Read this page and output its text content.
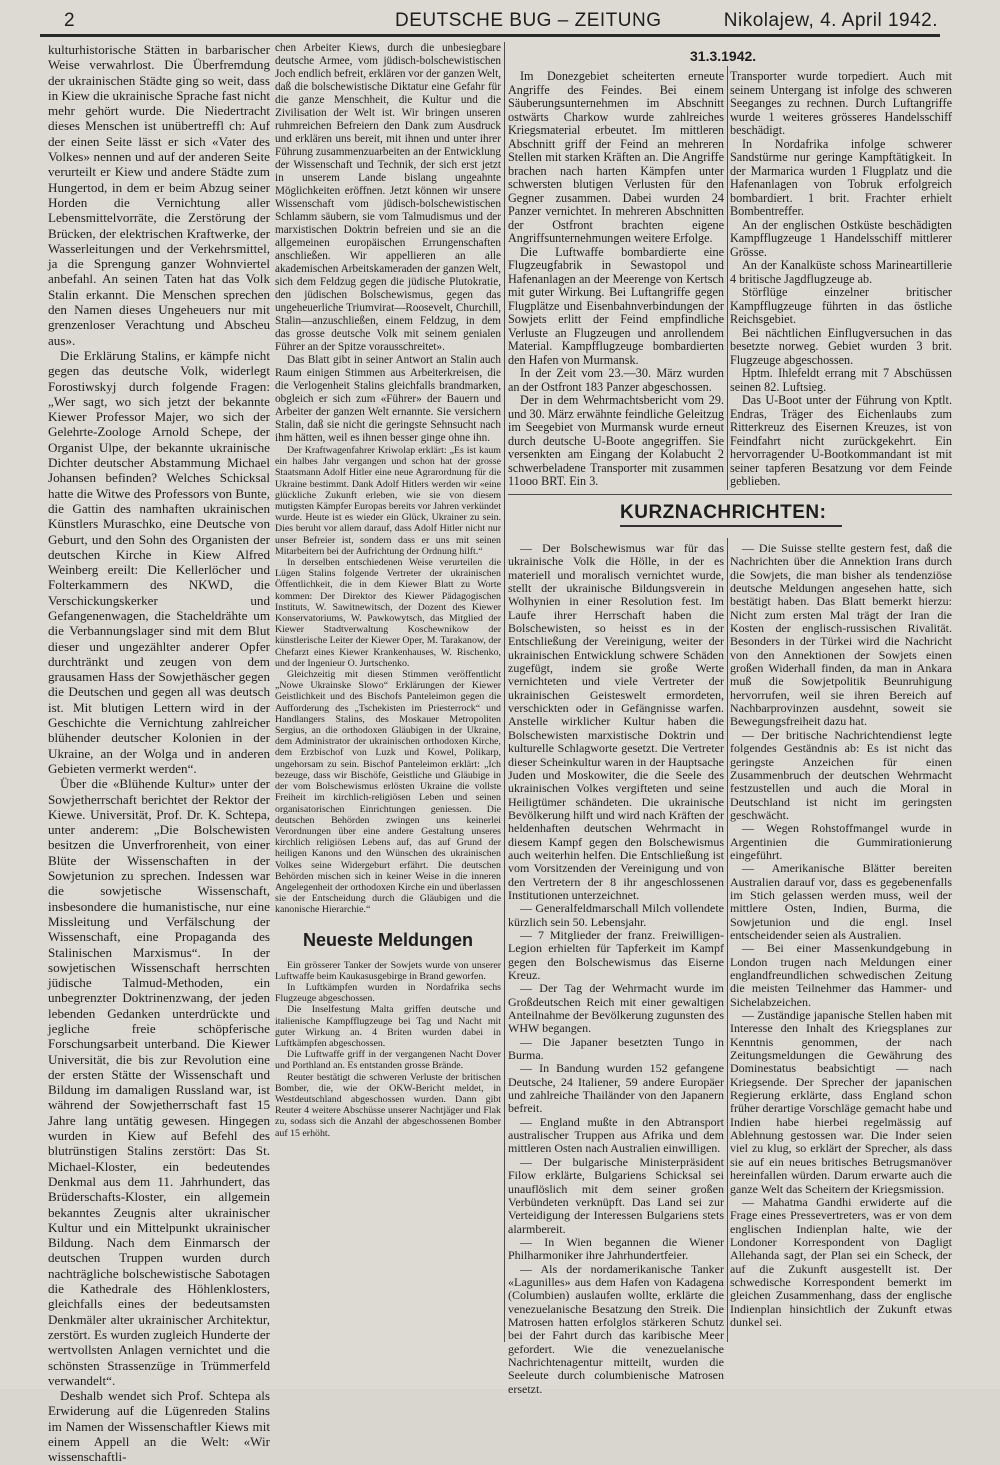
2	DEUTSCHE BUG – ZEITUNG	Nikolajew, 4. April 1942.

kulturhistorische Stätten in barbarischer Weise verwahrlost. Die Überfremdung der ukrainischen Städte ging so weit, dass in Kiew die ukrainische Sprache fast nicht mehr gehört wurde. Die Niedertracht dieses Menschen ist unübertreffl ch: Auf der einen Seite lässt er sich «Vater des Volkes» nennen und auf der anderen Seite verurteilt er Kiew und andere Städte zum Hungertod, in dem er beim Abzug seiner Horden die Vernichtung aller Lebensmittelvorräte, die Zerstörung der Brücken, der elektrischen Kraftwerke, der Wasserleitungen und der Verkehrsmittel, ja die Sprengung ganzer Wohnviertel anbefahl. An seinen Taten hat das Volk Stalin erkannt. Die Menschen sprechen den Namen dieses Ungeheuers nur mit grenzenloser Verachtung und Abscheu aus».

Die Erklärung Stalins, er kämpfe nicht gegen das deutsche Volk, widerlegt Forostiwskyj durch folgende Fragen: „Wer sagt, wo sich jetzt der bekannte Kiewer Professor Majer, wo sich der Gelehrte-Zoologe Arnold Schepe, der Organist Ulpe, der bekannte ukrainische Dichter deutscher Abstammung Michael Johansen befinden? Welches Schicksal hatte die Witwe des Professors von Bunte, die Gattin des namhaften ukrainischen Künstlers Muraschko, eine Deutsche von Geburt, und den Sohn des Organisten der deutschen Kirche in Kiew Alfred Weinberg ereilt: Die Kellerlöcher und Folterkammern des NKWD, die Verschickungskerker und Gefangenenwagen, die Stacheldrähte um die Verbannungslager sind mit dem Blut dieser und ungezählter anderer Opfer durchtränkt und zeugen von dem grausamen Hass der Sowjethäscher gegen die Deutschen und gegen all was deutsch ist. Mit blutigen Lettern wird in der Geschichte die Vernichtung zahlreicher blühender deutscher Kolonien in der Ukraine, an der Wolga und in anderen Gebieten vermerkt werden“.

Über die «Blühende Kultur» unter der Sowjetherrschaft berichtet der Rektor der Kiewe. Universität, Prof. Dr. K. Schtepa, unter anderem: „Die Bolschewisten besitzen die Unverfrorenheit, von einer Blüte der Wissenschaften in der Sowjetunion zu sprechen. Indessen war die sowjetische Wissenschaft, insbesondere die humanistische, nur eine Missleitung und Verfälschung der Wissenschaft, eine Propaganda des Stalinischen Marxismus“. In der sowjetischen Wissenschaft herrschten jüdische Talmud-Methoden, ein unbegrenzter Doktrinenzwang, der jeden lebenden Gedanken unterdrückte und jegliche freie schöpferische Forschungsarbeit unterband. Die Kiewer Universität, die bis zur Revolution eine der ersten Stätte der Wissenschaft und Bildung im damaligen Russland war, ist während der Sowjetherrschaft fast 15 Jahre lang untätig gewesen. Hingegen wurden in Kiew auf Befehl des blutrünstigen Stalins zerstört: Das St. Michael-Kloster, ein bedeutendes Denkmal aus dem 11. Jahrhundert, das Brüderschafts-Kloster, ein allgemein bekanntes Zeugnis alter ukrainischer Kultur und ein Mittelpunkt ukrainischer Bildung. Nach dem Einmarsch der deutschen Truppen wurden durch nachträgliche bolschewistische Sabotagen die Kathedrale des Höhlenklosters, gleichfalls eines der bedeutsamsten Denkmäler alter ukrainischer Architektur, zerstört. Es wurden zugleich Hunderte der wertvollsten Anlagen vernichtet und die schönsten Strassenzüge in Trümmerfeld verwandelt“.

Deshalb wendet sich Prof. Schtepa als Erwiderung auf die Lügenreden Stalins im Namen der Wissenschaftler Kiews mit einem Appell an die Welt: «Wir wissenschaftli-

chen Arbeiter Kiews, durch die unbesiegbare deutsche Armee, vom jüdisch-bolschewistischen Joch endlich befreit, erklären vor der ganzen Welt, daß die bolschewistische Diktatur eine Gefahr für die ganze Menschheit, die Kultur und die Zivilisation der Welt ist. Wir bringen unseren ruhmreichen Befreiern den Dank zum Ausdruck und erklären uns bereit, mit ihnen und unter ihrer Führung zusammenzuarbeiten an der Entwicklung der Wissenschaft und Technik, der sich erst jetzt in unserem Lande bislang ungeahnte Möglichkeiten eröffnen. Jetzt können wir unsere Wissenschaft vom jüdisch-bolschewistischen Schlamm säubern, sie vom Talmudismus und der marxistischen Doktrin befreien und sie an die allgemeinen europäischen Errungenschaften anschließen. Wir appellieren an alle akademischen Arbeitskameraden der ganzen Welt, sich dem Feldzug gegen die jüdische Plutokratie, den jüdischen Bolschewismus, gegen das ungeheuerliche Triumvirat—Roosevelt, Churchill, Stalin—anzuschließen, einem Feldzug, in dem das grosse deutsche Volk mit seinem genialen Führer an der Spitze vorausschreitet».

Das Blatt gibt in seiner Antwort an Stalin auch Raum einigen Stimmen aus Arbeiterkreisen, die die Verlogenheit Stalins gleichfalls brandmarken, obgleich er sich zum «Führer» der Bauern und Arbeiter der ganzen Welt ernannte. Sie versichern Stalin, daß sie nicht die geringste Sehnsucht nach ihm hätten, weil es ihnen besser ginge ohne ihn.

Der Kraftwagenfahrer Kriwolap erklärt: „Es ist kaum ein halbes Jahr vergangen und schon hat der grosse Staatsmann Adolf Hitler eine neue Agrarordnung für die Ukraine bestimmt. Dank Adolf Hitlers werden wir «eine glückliche Zukunft erleben, wie sie von diesem mutigsten Kämpfer Europas bereits vor Jahren verkündet wurde. Heute ist es wieder ein Glück, Ukrainer zu sein. Dies beruht vor allem darauf, dass Adolf Hitler nicht nur unser Befreier ist, sondern dass er uns mit seinen Mitarbeitern bei der Aufrichtung der Ordnung hilft.“

In derselben entschiedenen Weise verurteilen die Lügen Stalins folgende Vertreter der ukrainischen Öffentlichkeit, die in dem Kiewer Blatt zu Worte kommen: Der Direktor des Kiewer Pädagogischen Instituts, W. Sawitnewitsch, der Dozent des Kiewer Konservatoriums, W. Pawkowytsch, das Mitglied der Kiewer Stadtverwaltung Koschewnikow der künstlerische Leiter der Kiewer Oper, M. Tarakanow, der Chefarzt eines Kiewer Krankenhauses, W. Rischenko, und der Ingenieur O. Jurtschenko.

Gleichzeitig mit diesen Stimmen veröffentlicht „Nowe Ukrainske Slowo“ Erklärungen der Kiewer Geistlichkeit und des Bischofs Panteleimon gegen die Aufforderung des „Tschekisten im Priesterrock“ und Handlangers Stalins, des Moskauer Metropoliten Sergius, an die orthodoxen Gläubigen in der Ukraine, dem Administrator der ukrainischen orthodoxen Kirche, dem Erzbischof von Luzk und Kowel, Polikarp, ungehorsam zu sein. Bischof Panteleimon erklärt: „Ich bezeuge, dass wir Bischöfe, Geistliche und Gläubige in der vom Bolschewismus erlösten Ukraine die vollste Freiheit im kirchlich-religiösen Leben und seinen organisatorischen Einrichtungen geniessen. Die deutschen Behörden zwingen uns keinerlei Verordnungen über eine andere Gestaltung unseres kirchlich religiösen Lebens auf, das auf Grund der heiligen Kanons und den Wünschen des ukrainischen Volkes seine Widergeburt erfährt. Die deutschen Behörden mischen sich in keiner Weise in die inneren Angelegenheit der orthodoxen Kirche ein und überlassen sie der Entscheidung durch die Gläubigen und die kanonische Hierarchie.“

Neueste Meldungen

Ein grösserer Tanker der Sowjets wurde von unserer Luftwaffe beim Kaukasusgebirge in Brand geworfen.

In Luftkämpfen wurden in Nordafrika sechs Flugzeuge abgeschossen.

Die Inselfestung Malta griffen deutsche und italienische Kampfflugzeuge bei Tag und Nacht mit guter Wirkung an. 4 Briten wurden dabei in Luftkämpfen abgeschossen.

Die Luftwaffe griff in der vergangenen Nacht Dover und Porthland an. Es entstanden grosse Brände.

Reuter bestätigt die schweren Verluste der britischen Bomber, die, wie der OKW-Bericht meldet, in Westdeutschland abgeschossen wurden. Dann gibt Reuter 4 weitere Abschüsse unserer Nachtjäger und Flak zu, sodass sich die Anzahl der abgeschossenen Bomber auf 15 erhöht.

31.3.1942.

Im Donezgebiet scheiterten erneute Angriffe des Feindes. Bei einem Säuberungsunternehmen im Abschnitt ostwärts Charkow wurde zahlreiches Kriegsmaterial erbeutet. Im mittleren Abschnitt griff der Feind an mehreren Stellen mit starken Kräften an. Die Angriffe brachen nach harten Kämpfen unter schwersten blutigen Verlusten für den Gegner zusammen. Dabei wurden 24 Panzer vernichtet. In mehreren Abschnitten der Ostfront brachten eigene Angriffsunternehmungen weitere Erfolge.

Die Luftwaffe bombardierte eine Flugzeugfabrik in Sewastopol und Hafenanlagen an der Meerenge von Kertsch mit guter Wirkung. Bei Luftangriffe gegen Flugplätze und Eisenbahnverbindungen der Sowjets erlitt der Feind empfindliche Verluste an Flugzeugen und anrollendem Material. Kampfflugzeuge bombardierten den Hafen von Murmansk.

In der Zeit vom 23.—30. März wurden an der Ostfront 183 Panzer abgeschossen.

Der in dem Wehrmachtsbericht vom 29. und 30. März erwähnte feindliche Geleitzug im Seegebiet von Murmansk wurde erneut durch deutsche U-Boote angegriffen. Sie versenkten am Eingang der Kolabucht 2 schwerbeladene Transporter mit zusammen 11ooo BRT. Ein 3.

Transporter wurde torpediert. Auch mit seinem Untergang ist infolge des schweren Seeganges zu rechnen. Durch Luftangriffe wurde 1 weiteres grösseres Handelsschiff beschädigt.

In Nordafrika infolge schwerer Sandstürme nur geringe Kampftätigkeit. In der Marmarica wurden 1 Flugplatz und die Hafenanlagen von Tobruk erfolgreich bombardiert. 1 brit. Frachter erhielt Bombentreffer.

An der englischen Ostküste beschädigten Kampfflugzeuge 1 Handelsschiff mittlerer Grösse.

An der Kanalküste schoss Marineartillerie 4 britische Jagdflugzeuge ab.

Störflüge einzelner britischer Kampfflugzeuge führten in das östliche Reichsgebiet.

Bei nächtlichen Einflugversuchen in das besetzte norweg. Gebiet wurden 3 brit. Flugzeuge abgeschossen.

Hptm. Ihlefeldt errang mit 7 Abschüssen seinen 82. Luftsieg.

Das U-Boot unter der Führung von Kptlt. Endras, Träger des Eichenlaubs zum Ritterkreuz des Eisernen Kreuzes, ist von Feindfahrt nicht zurückgekehrt. Ein hervorragender U-Bootkommandant ist mit seiner tapferen Besatzung vor dem Feinde geblieben.

KURZNACHRICHTEN:

— Der Bolschewismus war für das ukrainische Volk die Hölle, in der es materiell und moralisch vernichtet wurde, stellt der ukrainische Bildungsverein in Wolhynien in einer Resolution fest. Im Laufe ihrer Herrschaft haben die Bolschewisten, so heisst es in der Entschließung der Vereinigung, weiter der ukrainischen Entwicklung schwere Schäden zugefügt, indem sie große Werte vernichteten und viele Vertreter der ukrainischen Geisteswelt ermordeten, verschickten oder in Gefängnisse warfen. Anstelle wirklicher Kultur haben die Bolschewisten marxistische Doktrin und kulturelle Schlagworte gesetzt. Die Vertreter dieser Scheinkultur waren in der Hauptsache Juden und Moskowiter, die die Seele des ukrainischen Volkes vergifteten und seine Heiligtümer schändeten. Die ukrainische Bevölkerung hilft und wird nach Kräften der heldenhaften deutschen Wehrmacht in diesem Kampf gegen den Bolschewismus auch weiterhin helfen. Die Entschließung ist vom Vorsitzenden der Vereinigung und von den Vertretern der 8 ihr angeschlossenen Institutionen unterzeichnet.

— Generalfeldmarschall Milch vollendete kürzlich sein 50. Lebensjahr.

— 7 Mitglieder der franz. Freiwilligen-Legion erhielten für Tapferkeit im Kampf gegen den Bolschewismus das Eiserne Kreuz.

— Der Tag der Wehrmacht wurde im Großdeutschen Reich mit einer gewaltigen Anteilnahme der Bevölkerung zugunsten des WHW begangen.

— Die Japaner besetzten Tungo in Burma.

— In Bandung wurden 152 gefangene Deutsche, 24 Italiener, 59 andere Europäer und zahlreiche Thailänder von den Japanern befreit.

— England mußte in den Abtransport australischer Truppen aus Afrika und dem mittleren Osten nach Australien einwilligen.

— Der bulgarische Ministerpräsident Filow erklärte, Bulgariens Schicksal sei unauflöslich mit dem seiner großen Verbündeten verknüpft. Das Land sei zur Verteidigung der Interessen Bulgariens stets alarmbereit.

— In Wien begannen die Wiener Philharmoniker ihre Jahrhundertfeier.

— Als der nordamerikanische Tanker «Lagunilles» aus dem Hafen von Kadagena (Columbien) auslaufen wollte, erklärte die venezuelanische Besatzung den Streik. Die Matrosen hatten erfolglos stärkeren Schutz bei der Fahrt durch das karibische Meer gefordert. Wie die venezuelanische Nachrichtenagentur mitteilt, wurden die Seeleute durch columbienische Matrosen ersetzt.

— Die Suisse stellte gestern fest, daß die Nachrichten über die Annektion Irans durch die Sowjets, die man bisher als tendenziöse deutsche Meldungen angesehen hatte, sich bestätigt haben. Das Blatt bemerkt hierzu: Nicht zum ersten Mal trägt der Iran die Kosten der englisch-russischen Rivalität. Besonders in der Türkei wird die Nachricht von den Annektionen der Sowjets einen großen Widerhall finden, da man in Ankara muß die Sowjetpolitik Beunruhigung hervorrufen, weil sie ihren Bereich auf Nachbarprovinzen ausdehnt, soweit sie Bewegungsfreiheit dazu hat.

— Der britische Nachrichtendienst legte folgendes Geständnis ab: Es ist nicht das geringste Anzeichen für einen Zusammenbruch der deutschen Wehrmacht festzustellen und auch die Moral in Deutschland ist nicht im geringsten geschwächt.

— Wegen Rohstoffmangel wurde in Argentinien die Gummirationierung eingeführt.

— Amerikanische Blätter bereiten Australien darauf vor, dass es gegebenenfalls im Stich gelassen werden muss, weil der mittlere Osten, Indien, Burma, die Sowjetunion und die engl. Insel entscheidender seien als Australien.

— Bei einer Massenkundgebung in London trugen nach Meldungen einer englandfreundlichen schwedischen Zeitung die meisten Teilnehmer das Hammer- und Sichelabzeichen.

— Zuständige japanische Stellen haben mit Interesse den Inhalt des Kriegsplanes zur Kenntnis genommen, der nach Zeitungsmeldungen die Gewährung des Dominestatus beabsichtigt — nach Kriegsende. Der Sprecher der japanischen Regierung erklärte, dass England schon früher derartige Vorschläge gemacht habe und Indien habe hierbei regelmässig auf Ablehnung gestossen war. Die Inder seien viel zu klug, so erklärt der Sprecher, als dass sie auf ein neues britisches Betrugsmanöver hereinfallen würden. Darum erwarte auch die ganze Welt das Scheitern der Kriegsmission.

— Mahatma Gandhi erwiderte auf die Frage eines Pressevertreters, was er von dem englischen Indienplan halte, wie der Londoner Korrespondent von Dagligt Allehanda sagt, der Plan sei ein Scheck, der auf die Zukunft ausgestellt ist. Der schwedische Korrespondent bemerkt im gleichen Zusammenhang, dass der englische Indienplan hinsichtlich der Zukunft etwas dunkel sei.
